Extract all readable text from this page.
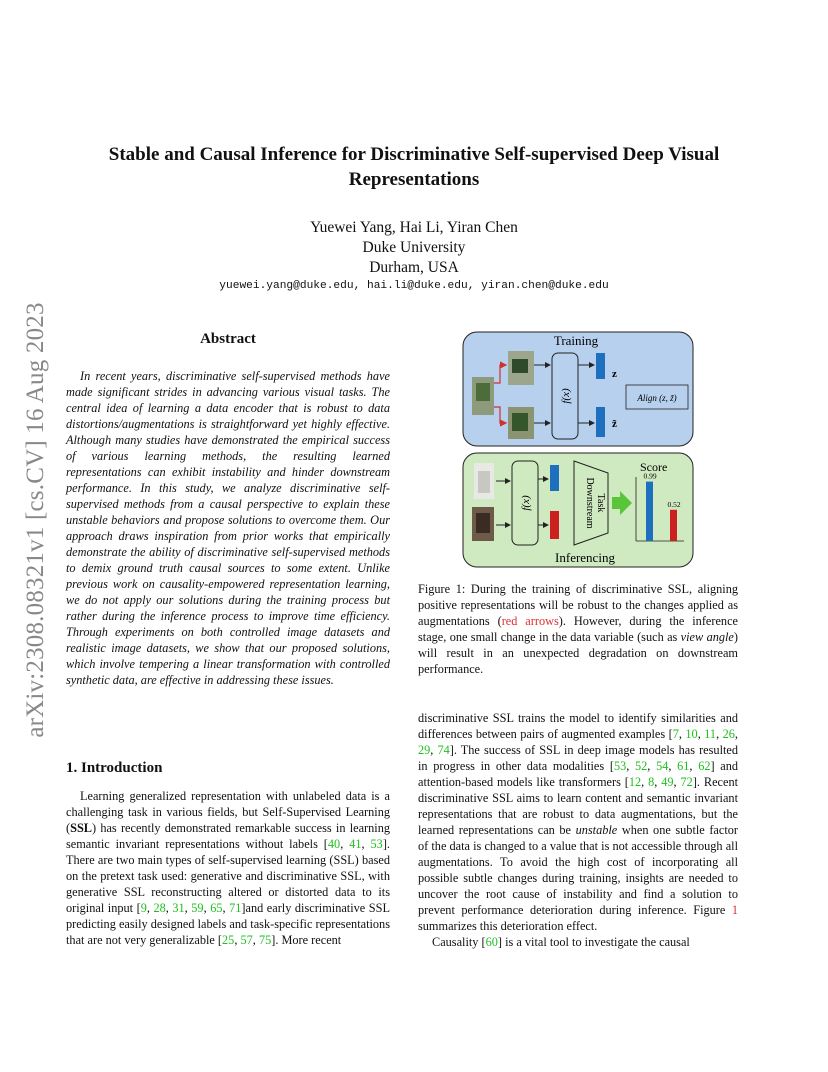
Stable and Causal Inference for Discriminative Self-supervised Deep Visual
Representations
Yuewei Yang, Hai Li, Yiran Chen
Duke University
Durham, USA
yuewei.yang@duke.edu, hai.li@duke.edu, yiran.chen@duke.edu
arXiv:2308.08321v1 [cs.CV] 16 Aug 2023	Abstract

In recent years, discriminative self-supervised methods have made significant strides in advancing various visual tasks. The central idea of learning a data encoder that is robust to data distortions/augmentations is straightforward yet highly effective. Although many studies have demonstrated the empirical success of various learning methods, the resulting learned representations can exhibit instability and hinder downstream performance. In this study, we analyze discriminative self-supervised methods from a causal perspective to explain these unstable behaviors and propose solutions to overcome them. Our approach draws inspiration from prior works that empirically demonstrate the ability of discriminative self-supervised methods to demix ground truth causal sources to some extent. Unlike previous work on causality-empowered representation learning, we do not apply our solutions during the training process but rather during the inference process to improve time efficiency. Through experiments on both controlled image datasets and realistic image datasets, we show that our proposed solutions, which involve tempering a linear transformation with controlled synthetic data, are effective in addressing these issues.

1. Introduction

Learning generalized representation with unlabeled data is a challenging task in various fields, but Self-Supervised Learning (SSL) has recently demonstrated remarkable success in learning semantic invariant representations without labels [40, 41, 53]. There are two main types of self-supervised learning (SSL) based on the pretext task used: generative and discriminative SSL, with generative SSL reconstructing altered or distorted data to its original input [9, 28, 31, 59, 65, 71]and early discriminative SSL predicting easily designed labels and task-specific representations that are not very generalizable [25, 57, 75]. More recent

Training
f(x)
z
z̃
Align (z, z̃)
Inferencing
f(x)	Downstream Task
Score
0.99
0.52
Figure 1: During the training of discriminative SSL, aligning positive representations will be robust to the changes applied as augmentations (red arrows). However, during the inference stage, one small change in the data variable (such as view angle) will result in an unexpected degradation on downstream performance.

discriminative SSL trains the model to identify similarities and differences between pairs of augmented examples [7, 10, 11, 26, 29, 74]. The success of SSL in deep image models has resulted in progress in other data modalities [53, 52, 54, 61, 62] and attention-based models like transformers [12, 8, 49, 72]. Recent discriminative SSL aims to learn content and semantic invariant representations that are robust to data augmentations, but the learned representations can be unstable when one subtle factor of the data is changed to a value that is not accessible through all augmentations. To avoid the high cost of incorporating all possible subtle changes during training, insights are needed to uncover the root cause of instability and find a solution to prevent performance deterioration during inference. Figure 1 summarizes this deterioration effect.

Causality [60] is a vital tool to investigate the causal
